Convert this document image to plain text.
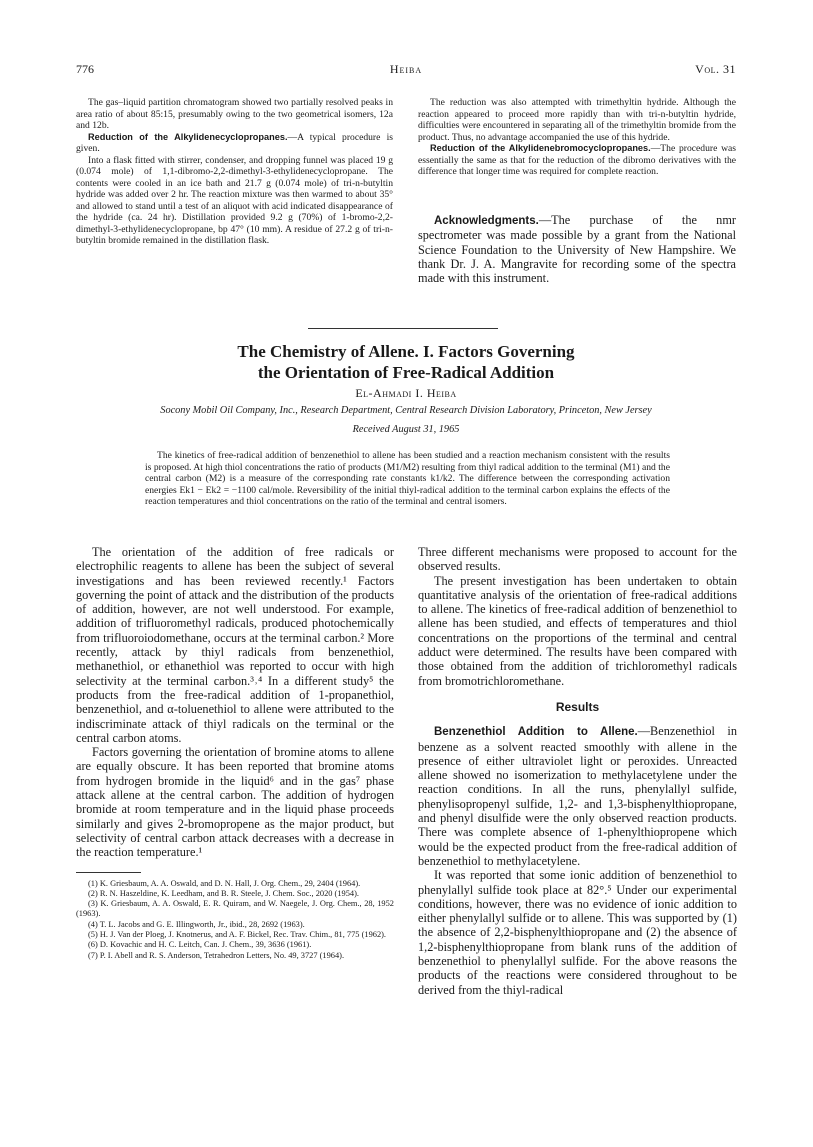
776	Heiba	Vol. 31

The gas–liquid partition chromatogram showed two partially resolved peaks in area ratio of about 85:15, presumably owing to the two geometrical isomers, 12a and 12b.

Reduction of the Alkylidenecyclopropanes.—A typical procedure is given.

Into a flask fitted with stirrer, condenser, and dropping funnel was placed 19 g (0.074 mole) of 1,1-dibromo-2,2-dimethyl-3-ethylidenecyclopropane. The contents were cooled in an ice bath and 21.7 g (0.074 mole) of tri-n-butyltin hydride was added over 2 hr. The reaction mixture was then warmed to about 35° and allowed to stand until a test of an aliquot with acid indicated disappearance of the hydride (ca. 24 hr). Distillation provided 9.2 g (70%) of 1-bromo-2,2-dimethyl-3-ethylidenecyclopropane, bp 47° (10 mm). A residue of 27.2 g of tri-n-butyltin bromide remained in the distillation flask.

The reduction was also attempted with trimethyltin hydride. Although the reaction appeared to proceed more rapidly than with tri-n-butyltin hydride, difficulties were encountered in separating all of the trimethyltin bromide from the product. Thus, no advantage accompanied the use of this hydride.

Reduction of the Alkylidenebromocyclopropanes.—The procedure was essentially the same as that for the reduction of the dibromo derivatives with the difference that longer time was required for complete reaction.

Acknowledgments.—The purchase of the nmr spectrometer was made possible by a grant from the National Science Foundation to the University of New Hampshire. We thank Dr. J. A. Mangravite for recording some of the spectra made with this instrument.

The Chemistry of Allene. I. Factors Governing
the Orientation of Free-Radical Addition
El-Ahmadi I. Heiba
Socony Mobil Oil Company, Inc., Research Department, Central Research Division Laboratory, Princeton, New Jersey
Received August 31, 1965
The kinetics of free-radical addition of benzenethiol to allene has been studied and a reaction mechanism consistent with the results is proposed. At high thiol concentrations the ratio of products (M1/M2) resulting from thiyl radical addition to the terminal (M1) and the central carbon (M2) is a measure of the corresponding rate constants k1/k2. The difference between the corresponding activation energies Ek1 − Ek2 = −1100 cal/mole. Reversibility of the initial thiyl-radical addition to the terminal carbon explains the effects of the reaction temperatures and thiol concentrations on the ratio of the terminal and central isomers.

The orientation of the addition of free radicals or electrophilic reagents to allene has been the subject of several investigations and has been reviewed recently.¹ Factors governing the point of attack and the distribution of the products of addition, however, are not well understood. For example, addition of trifluoromethyl radicals, produced photochemically from trifluoroiodomethane, occurs at the terminal carbon.² More recently, attack by thiyl radicals from benzenethiol, methanethiol, or ethanethiol was reported to occur with high selectivity at the terminal carbon.³˒⁴ In a different study⁵ the products from the free-radical addition of 1-propanethiol, benzenethiol, and α-toluenethiol to allene were attributed to the indiscriminate attack of thiyl radicals on the terminal or the central carbon atoms.

Factors governing the orientation of bromine atoms to allene are equally obscure. It has been reported that bromine atoms from hydrogen bromide in the liquid⁶ and in the gas⁷ phase attack allene at the central carbon. The addition of hydrogen bromide at room temperature and in the liquid phase proceeds similarly and gives 2-bromopropene as the major product, but selectivity of central carbon attack decreases with a decrease in the reaction temperature.¹

(1) K. Griesbaum, A. A. Oswald, and D. N. Hall, J. Org. Chem., 29, 2404 (1964).

(2) R. N. Haszeldine, K. Leedham, and B. R. Steele, J. Chem. Soc., 2020 (1954).

(3) K. Griesbaum, A. A. Oswald, E. R. Quiram, and W. Naegele, J. Org. Chem., 28, 1952 (1963).

(4) T. L. Jacobs and G. E. Illingworth, Jr., ibid., 28, 2692 (1963).

(5) H. J. Van der Ploeg, J. Knotnerus, and A. F. Bickel, Rec. Trav. Chim., 81, 775 (1962).

(6) D. Kovachic and H. C. Leitch, Can. J. Chem., 39, 3636 (1961).

(7) P. I. Abell and R. S. Anderson, Tetrahedron Letters, No. 49, 3727 (1964).

Three different mechanisms were proposed to account for the observed results.

The present investigation has been undertaken to obtain quantitative analysis of the orientation of free-radical additions to allene. The kinetics of free-radical addition of benzenethiol to allene has been studied, and effects of temperatures and thiol concentrations on the proportions of the terminal and central adduct were determined. The results have been compared with those obtained from the addition of trichloromethyl radicals from bromotrichloromethane.

Results

Benzenethiol Addition to Allene.—Benzenethiol in benzene as a solvent reacted smoothly with allene in the presence of either ultraviolet light or peroxides. Unreacted allene showed no isomerization to methylacetylene under the reaction conditions. In all the runs, phenylallyl sulfide, phenylisopropenyl sulfide, 1,2- and 1,3-bisphenylthiopropane, and phenyl disulfide were the only observed reaction products. There was complete absence of 1-phenylthiopropene which would be the expected product from the free-radical addition of benzenethiol to methylacetylene.

It was reported that some ionic addition of benzenethiol to phenylallyl sulfide took place at 82°.⁵ Under our experimental conditions, however, there was no evidence of ionic addition to either phenylallyl sulfide or to allene. This was supported by (1) the absence of 2,2-bisphenylthiopropane and (2) the absence of 1,2-bisphenylthiopropane from blank runs of the addition of benzenethiol to phenylallyl sulfide. For the above reasons the products of the reactions were considered throughout to be derived from the thiyl-radical
